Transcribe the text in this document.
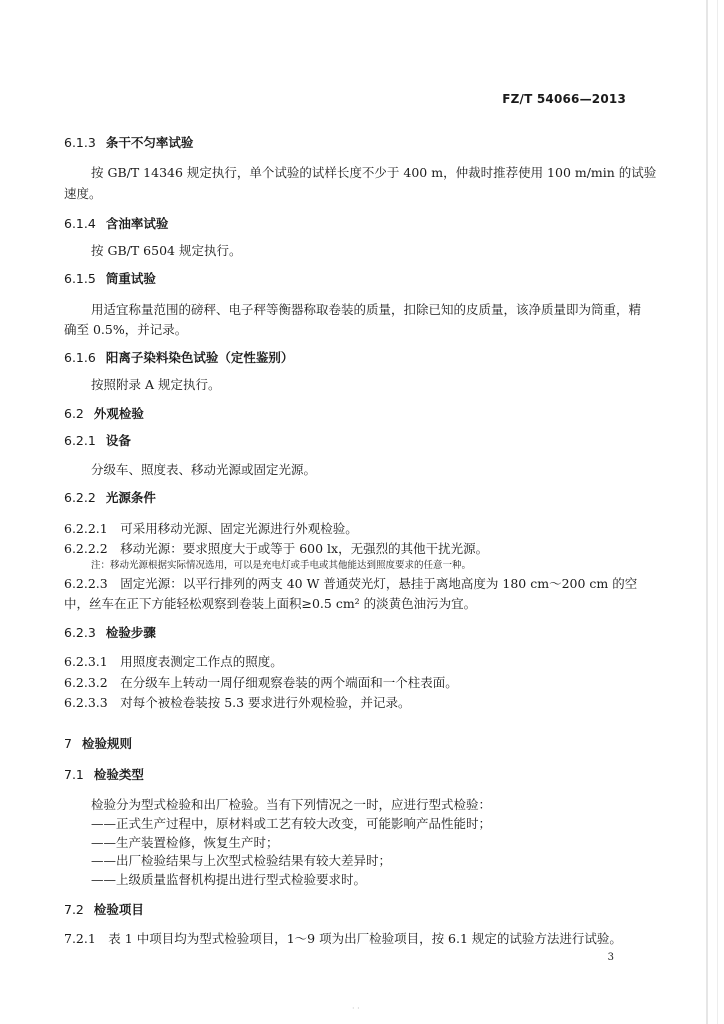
FZ/T 54066—2013
6.1.3 条干不匀率试验
按 GB/T 14346 规定执行，单个试验的试样长度不少于 400 m，仲裁时推荐使用 100 m/min 的试验
速度。
6.1.4 含油率试验
按 GB/T 6504 规定执行。
6.1.5 筒重试验
用适宜称量范围的磅秤、电子秤等衡器称取卷装的质量，扣除已知的皮质量，该净质量即为筒重，精
确至 0.5%，并记录。
6.1.6 阳离子染料染色试验（定性鉴别）
按照附录 A 规定执行。
6.2 外观检验
6.2.1 设备
分级车、照度表、移动光源或固定光源。
6.2.2 光源条件
6.2.2.1　可采用移动光源、固定光源进行外观检验。
6.2.2.2　移动光源：要求照度大于或等于 600 lx，无强烈的其他干扰光源。
注：移动光源根据实际情况选用，可以是充电灯或手电或其他能达到照度要求的任意一种。
6.2.2.3　固定光源：以平行排列的两支 40 W 普通荧光灯，悬挂于离地高度为 180 cm～200 cm 的空
中，丝车在正下方能轻松观察到卷装上面积≥0.5 cm² 的淡黄色油污为宜。
6.2.3 检验步骤
6.2.3.1　用照度表测定工作点的照度。
6.2.3.2　在分级车上转动一周仔细观察卷装的两个端面和一个柱表面。
6.2.3.3　对每个被检卷装按 5.3 要求进行外观检验，并记录。
7 检验规则
7.1 检验类型
检验分为型式检验和出厂检验。当有下列情况之一时，应进行型式检验：
——正式生产过程中，原材料或工艺有较大改变，可能影响产品性能时；
——生产装置检修，恢复生产时；
——出厂检验结果与上次型式检验结果有较大差异时；
——上级质量监督机构提出进行型式检验要求时。
7.2 检验项目
7.2.1　表 1 中项目均为型式检验项目，1～9 项为出厂检验项目，按 6.1 规定的试验方法进行试验。
3
· ·
